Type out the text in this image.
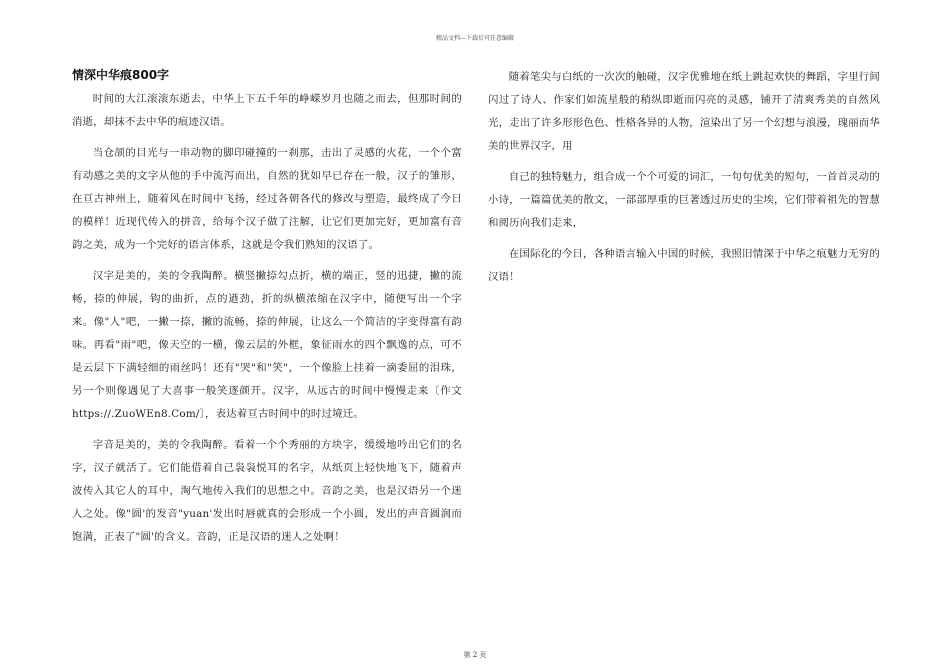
精品文档---下载后可任意编辑
情深中华痕800字

时间的大江滚滚东逝去，中华上下五千年的峥嵘岁月也随之而去，但那时间的消逝，却抹不去中华的痕迹汉语。

当仓颉的目光与一串动物的脚印碰撞的一刹那，击出了灵感的火花，一个个富有动感之美的文字从他的手中流泻而出，自然的犹如早已存在一般，汉子的雏形，在亘古神州上，随着风在时间中飞扬，经过各朝各代的修改与塑造，最终成了今日的模样！近现代传入的拼音，给每个汉子做了注解，让它们更加完好，更加富有音韵之美，成为一个完好的语言体系，这就是令我们熟知的汉语了。

汉字是美的，美的令我陶醉。横竖撇捺勾点折，横的端正，竖的迅捷，撇的流畅，捺的伸展，钩的曲折，点的遒劲，折的纵横浓缩在汉字中，随便写出一个字来。像"人"吧，一撇一捺，撇的流畅，捺的伸展，让这么一个简洁的字变得富有韵味。再看"雨"吧，像天空的一横，像云层的外框，象征雨水的四个飘逸的点，可不是云层下下满轻细的雨丝吗！还有"哭"和"笑"，一个像脸上挂着一滴委屈的泪珠，另一个则像遇见了大喜事一般笑逐颜开。汉字，从远古的时间中慢慢走来〔作文https://.ZuoWEn8.Com/〕，表达着亘古时间中的时过境迁。

字音是美的，美的令我陶醉。看着一个个秀丽的方块字，缓缓地吟出它们的名字，汉子就活了。它们能借着自己袅袅悦耳的名字，从纸页上轻快地飞下，随着声波传入其它人的耳中，淘气地传入我们的思想之中。音韵之美，也是汉语另一个迷人之处。像"圆'的发音"yuan'发出时唇就真的会形成一个小圆，发出的声音圆润而饱满，正表了"圆'的含义。音韵，正是汉语的迷人之处啊！

随着笔尖与白纸的一次次的触碰，汉字优雅地在纸上跳起欢快的舞蹈，字里行间闪过了诗人、作家们如流星般的稍纵即逝而闪亮的灵感，铺开了清爽秀美的自然风光，走出了许多形形色色、性格各异的人物，渲染出了另一个幻想与浪漫，瑰丽而华美的世界汉字，用

自己的独特魅力，组合成一个个可爱的词汇，一句句优美的短句，一首首灵动的小诗，一篇篇优美的散文，一部部厚重的巨著透过历史的尘埃，它们带着祖先的智慧和阅历向我们走来，

在国际化的今日，各种语言输入中国的时候，我照旧情深于中华之痕魅力无穷的汉语！

第 2 页
